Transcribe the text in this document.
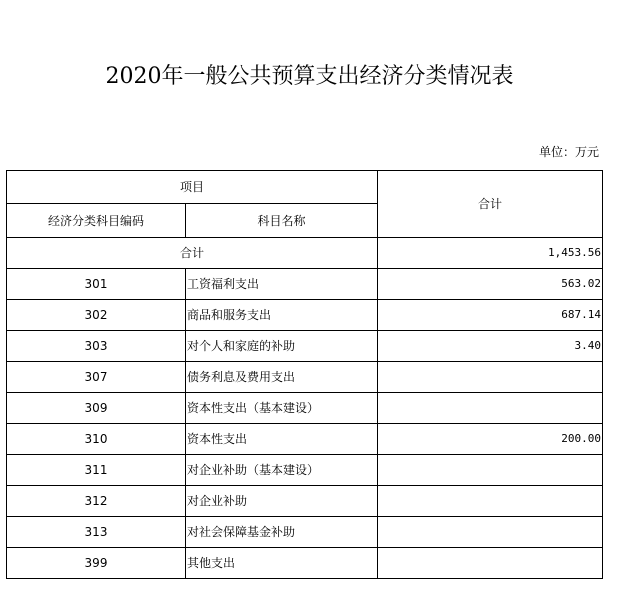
2020年一般公共预算支出经济分类情况表
单位：万元
项目		合计
经济分类科目编码	科目名称	
合计		1,453.56
301	工资福利支出	563.02
302	商品和服务支出	687.14
303	对个人和家庭的补助	3.40
307	债务利息及费用支出	
309	资本性支出（基本建设）	
310	资本性支出	200.00
311	对企业补助（基本建设）	
312	对企业补助	
313	对社会保障基金补助	
399	其他支出	
